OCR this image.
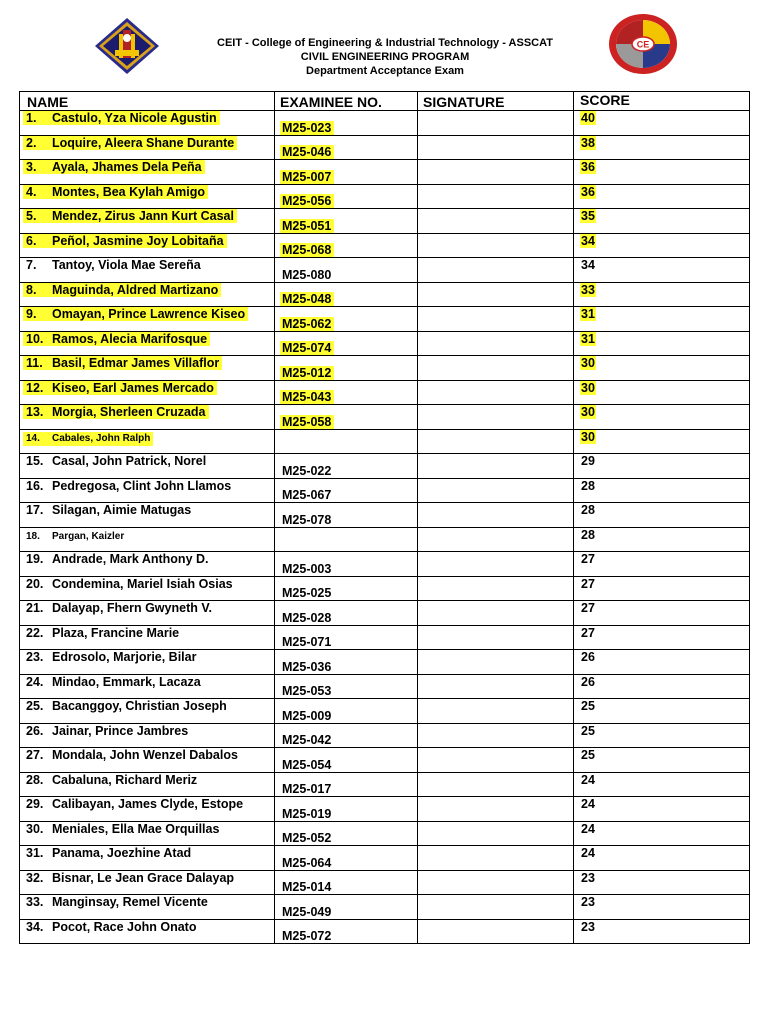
CEIT - College of Engineering & Industrial Technology - ASSCAT
CIVIL ENGINEERING PROGRAM
Department Acceptance Exam
CE
NAME	EXAMINEE NO.	SIGNATURE	SCORE

1. Castulo, Yza Nicole Agustin	M25-023		40
2. Loquire, Aleera Shane Durante	M25-046		38
3. Ayala, Jhames Dela Peña	M25-007		36
4. Montes, Bea Kylah Amigo	M25-056		36
5. Mendez, Zirus Jann Kurt Casal	M25-051		35
6. Peñol, Jasmine Joy Lobitaña	M25-068		34
7. Tantoy, Viola Mae Sereña	M25-080		34
8. Maguinda, Aldred Martizano	M25-048		33
9. Omayan, Prince Lawrence Kiseo	M25-062		31
10. Ramos, Alecia Marifosque	M25-074		31
11. Basil, Edmar James Villaflor	M25-012		30
12. Kiseo, Earl James Mercado	M25-043		30
13. Morgia, Sherleen Cruzada	M25-058		30
14. Cabales, John Ralph			30
15. Casal, John Patrick, Norel	M25-022		29
16. Pedregosa, Clint John Llamos	M25-067		28
17. Silagan, Aimie Matugas	M25-078		28
18. Pargan, Kaizler			28
19. Andrade, Mark Anthony D.	M25-003		27
20. Condemina, Mariel Isiah Osias	M25-025		27
21. Dalayap, Fhern Gwyneth V.	M25-028		27
22. Plaza, Francine Marie	M25-071		27
23. Edrosolo, Marjorie, Bilar	M25-036		26
24. Mindao, Emmark, Lacaza	M25-053		26
25. Bacanggoy, Christian Joseph	M25-009		25
26. Jainar, Prince Jambres	M25-042		25
27. Mondala, John Wenzel Dabalos	M25-054		25
28. Cabaluna, Richard Meriz	M25-017		24
29. Calibayan, James Clyde, Estope	M25-019		24
30. Meniales, Ella Mae Orquillas	M25-052		24
31. Panama, Joezhine Atad	M25-064		24
32. Bisnar, Le Jean Grace Dalayap	M25-014		23
33. Manginsay, Remel Vicente	M25-049		23
34. Pocot, Race John Onato	M25-072		23
